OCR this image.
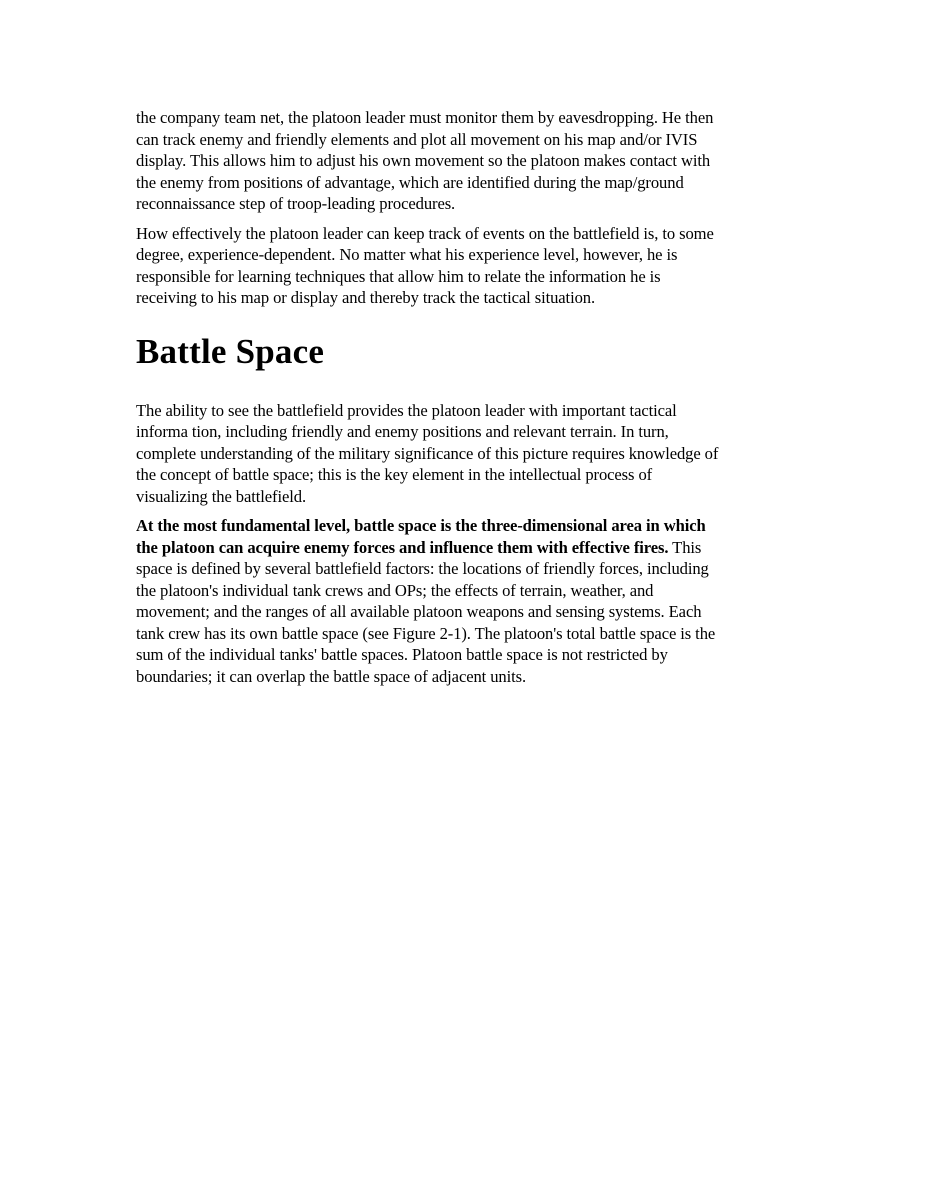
the company team net, the platoon leader must monitor them by eavesdropping. He then
can track enemy and friendly elements and plot all movement on his map and/or IVIS
display. This allows him to adjust his own movement so the platoon makes contact with
the enemy from positions of advantage, which are identified during the map/ground
reconnaissance step of troop-leading procedures.

How effectively the platoon leader can keep track of events on the battlefield is, to some
degree, experience-dependent. No matter what his experience level, however, he is
responsible for learning techniques that allow him to relate the information he is
receiving to his map or display and thereby track the tactical situation.

Battle Space

The ability to see the battlefield provides the platoon leader with important tactical
informa tion, including friendly and enemy positions and relevant terrain. In turn,
complete understanding of the military significance of this picture requires knowledge of
the concept of battle space; this is the key element in the intellectual process of
visualizing the battlefield.

At the most fundamental level, battle space is the three-dimensional area in which
the platoon can acquire enemy forces and influence them with effective fires. This
space is defined by several battlefield factors: the locations of friendly forces, including
the platoon's individual tank crews and OPs; the effects of terrain, weather, and
movement; and the ranges of all available platoon weapons and sensing systems. Each
tank crew has its own battle space (see Figure 2-1). The platoon's total battle space is the
sum of the individual tanks' battle spaces. Platoon battle space is not restricted by
boundaries; it can overlap the battle space of adjacent units.
